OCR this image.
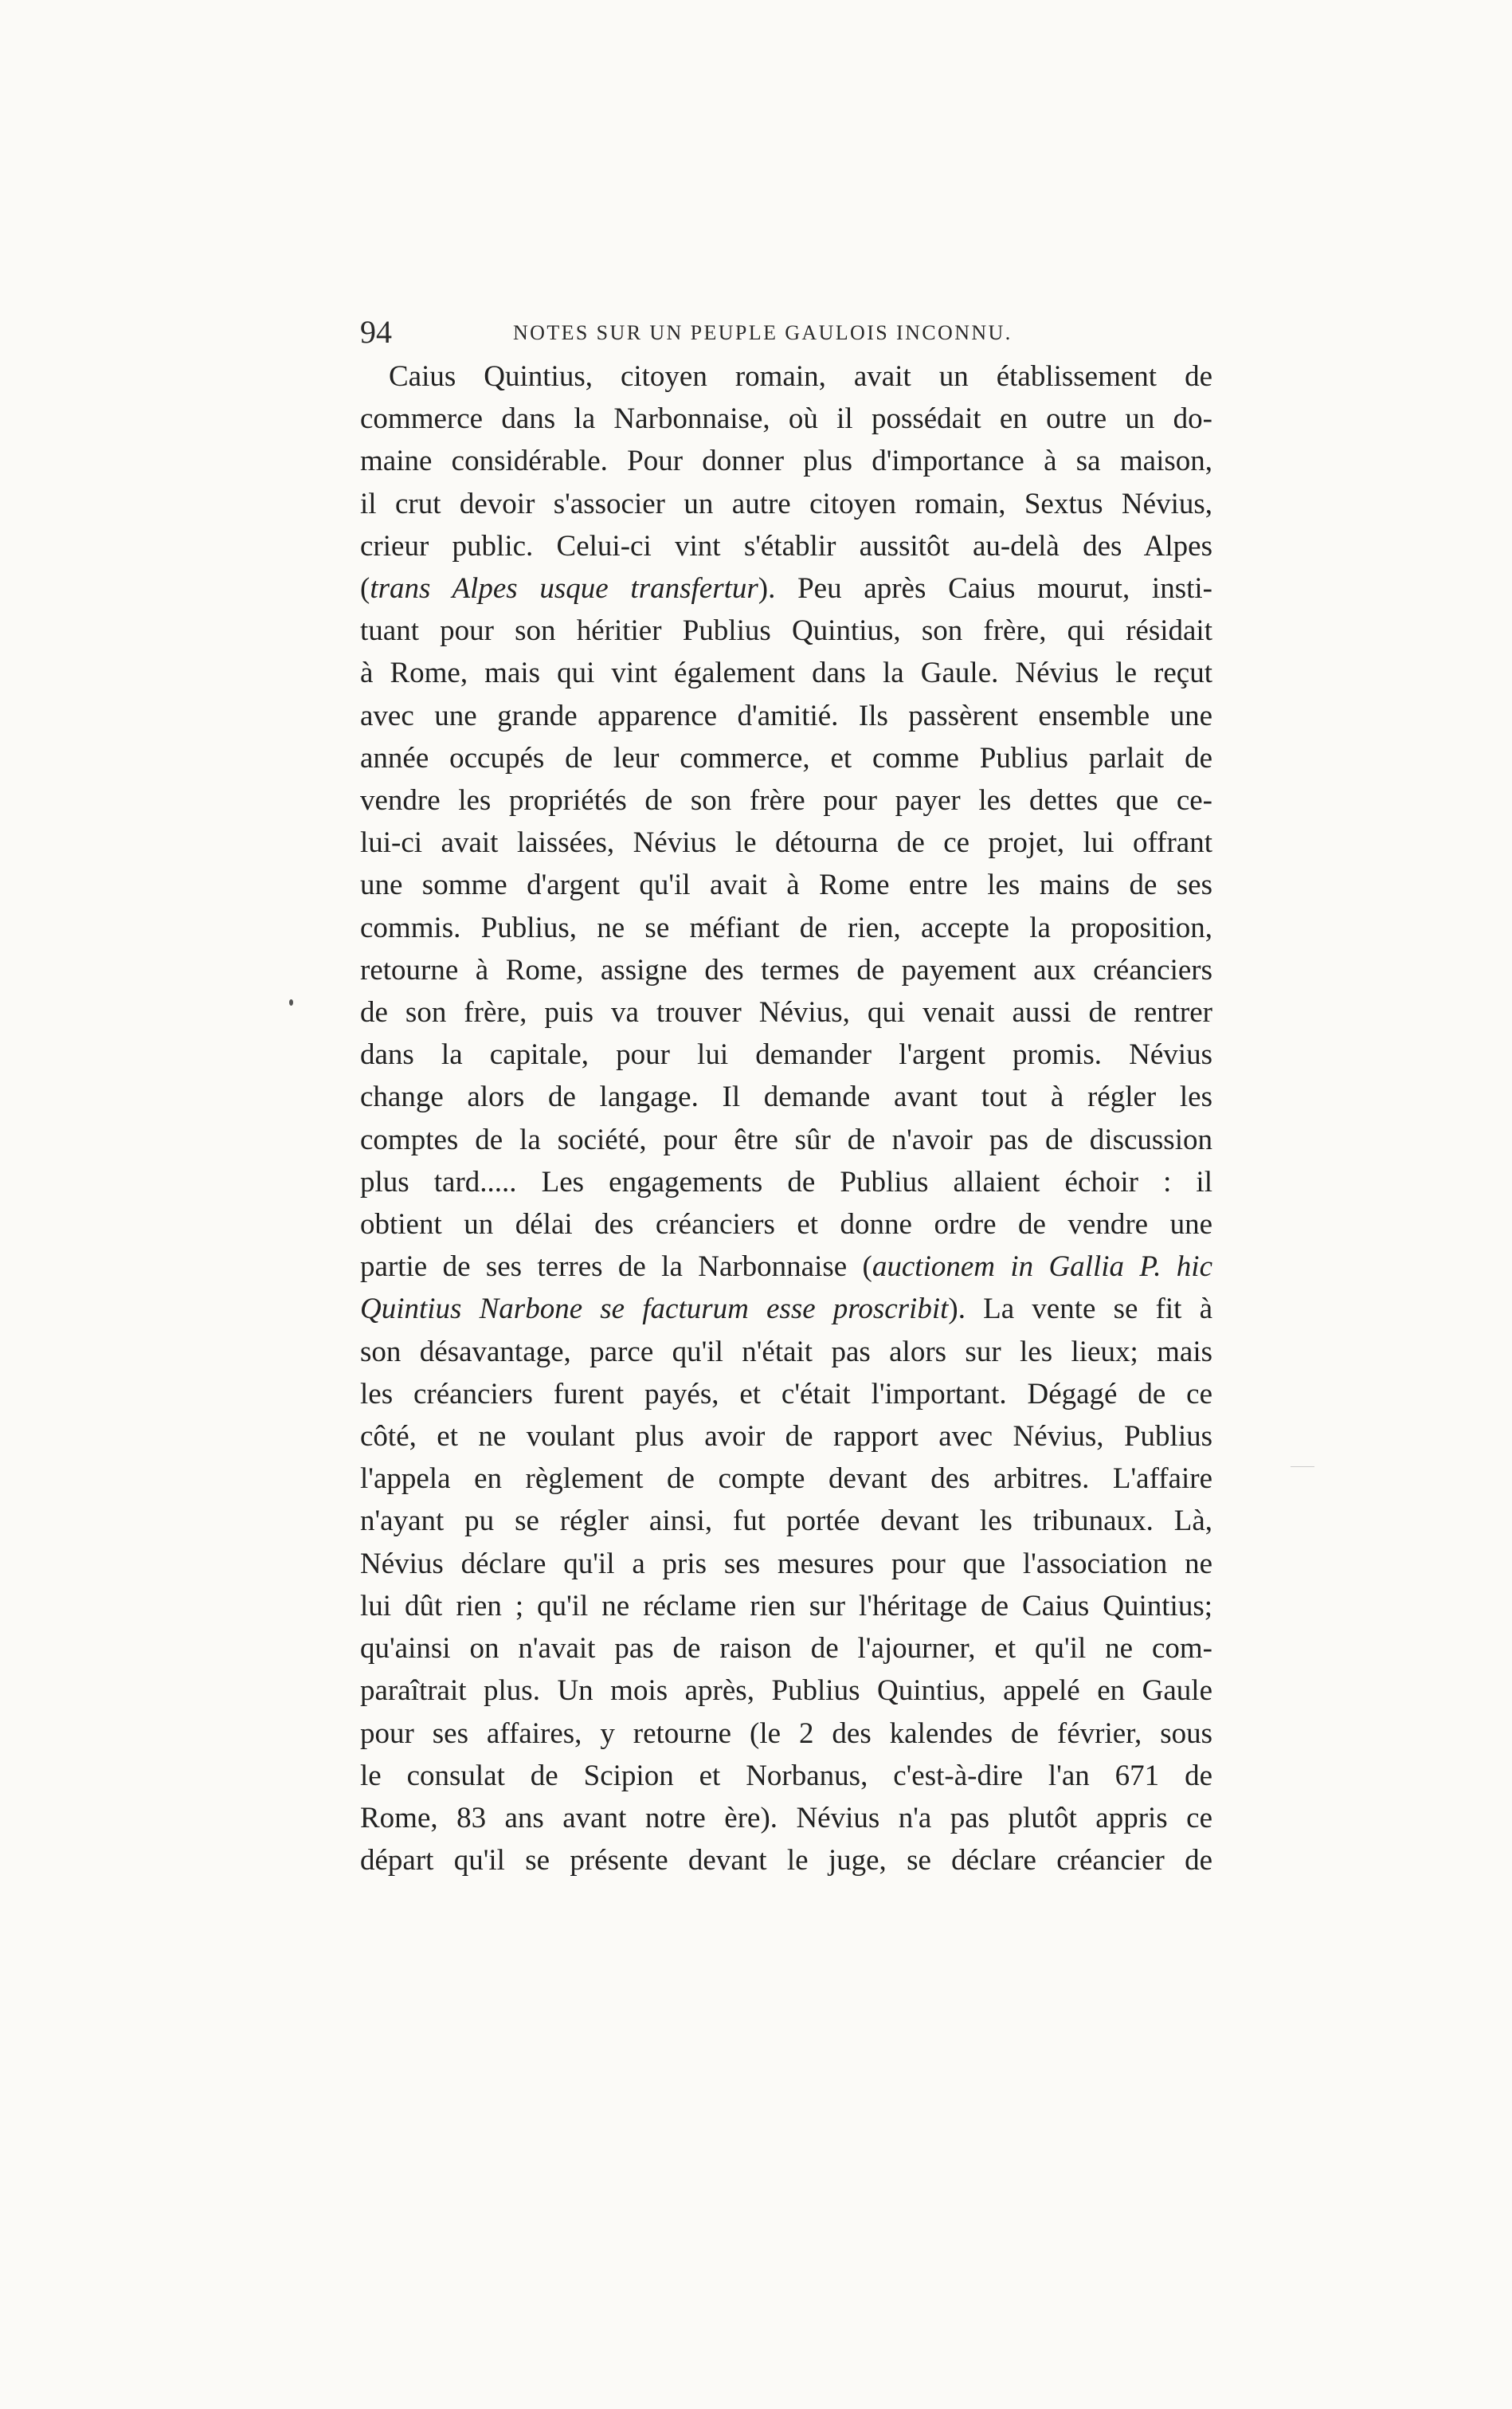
94	NOTES SUR UN PEUPLE GAULOIS INCONNU.
Caius Quintius, citoyen romain, avait un établissement de
commerce dans la Narbonnaise, où il possédait en outre un do-
maine considérable. Pour donner plus d'importance à sa maison,
il crut devoir s'associer un autre citoyen romain, Sextus Névius,
crieur public. Celui-ci vint s'établir aussitôt au-delà des Alpes
(trans Alpes usque transfertur). Peu après Caius mourut, insti-
tuant pour son héritier Publius Quintius, son frère, qui résidait
à Rome, mais qui vint également dans la Gaule. Névius le reçut
avec une grande apparence d'amitié. Ils passèrent ensemble une
année occupés de leur commerce, et comme Publius parlait de
vendre les propriétés de son frère pour payer les dettes que ce-
lui-ci avait laissées, Névius le détourna de ce projet, lui offrant
une somme d'argent qu'il avait à Rome entre les mains de ses
commis. Publius, ne se méfiant de rien, accepte la proposition,
retourne à Rome, assigne des termes de payement aux créanciers
de son frère, puis va trouver Névius, qui venait aussi de rentrer
dans la capitale, pour lui demander l'argent promis. Névius
change alors de langage. Il demande avant tout à régler les
comptes de la société, pour être sûr de n'avoir pas de discussion
plus tard..... Les engagements de Publius allaient échoir : il
obtient un délai des créanciers et donne ordre de vendre une
partie de ses terres de la Narbonnaise (auctionem in Gallia P. hic
Quintius Narbone se facturum esse proscribit). La vente se fit à
son désavantage, parce qu'il n'était pas alors sur les lieux; mais
les créanciers furent payés, et c'était l'important. Dégagé de ce
côté, et ne voulant plus avoir de rapport avec Névius, Publius
l'appela en règlement de compte devant des arbitres. L'affaire
n'ayant pu se régler ainsi, fut portée devant les tribunaux. Là,
Névius déclare qu'il a pris ses mesures pour que l'association ne
lui dût rien ; qu'il ne réclame rien sur l'héritage de Caius Quintius;
qu'ainsi on n'avait pas de raison de l'ajourner, et qu'il ne com-
paraîtrait plus. Un mois après, Publius Quintius, appelé en Gaule
pour ses affaires, y retourne (le 2 des kalendes de février, sous
le consulat de Scipion et Norbanus, c'est-à-dire l'an 671 de
Rome, 83 ans avant notre ère). Névius n'a pas plutôt appris ce
départ qu'il se présente devant le juge, se déclare créancier de
